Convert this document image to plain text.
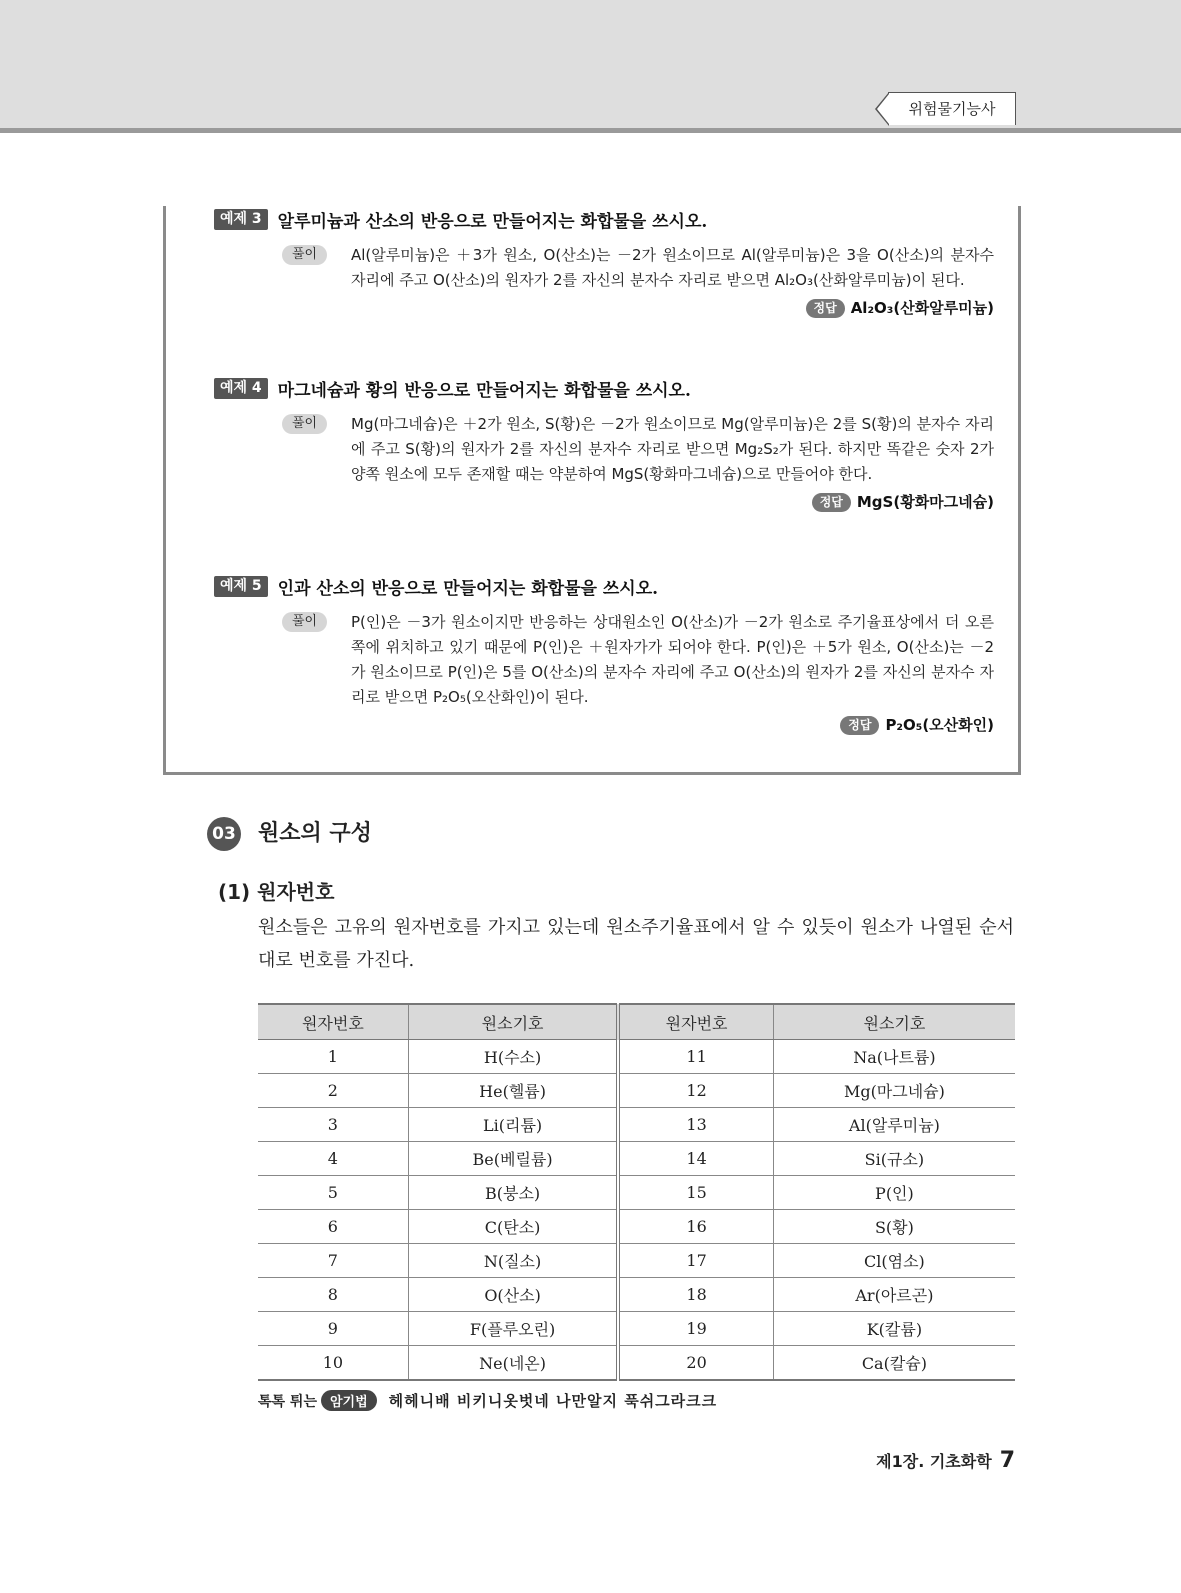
위험물기능사
예제 3 알루미늄과 산소의 반응으로 만들어지는 화합물을 쓰시오.
풀이	Al(알루미늄)은 ＋3가 원소, O(산소)는 －2가 원소이므로 Al(알루미늄)은 3을 O(산소)의 분자수 자리에 주고 O(산소)의 원자가 2를 자신의 분자수 자리로 받으면 Al₂O₃(산화알루미늄)이 된다.
정답 Al₂O₃(산화알루미늄)
예제 4 마그네슘과 황의 반응으로 만들어지는 화합물을 쓰시오.
풀이	Mg(마그네슘)은 ＋2가 원소, S(황)은 －2가 원소이므로 Mg(알루미늄)은 2를 S(황)의 분자수 자리에 주고 S(황)의 원자가 2를 자신의 분자수 자리로 받으면 Mg₂S₂가 된다. 하지만 똑같은 숫자 2가 양쪽 원소에 모두 존재할 때는 약분하여 MgS(황화마그네슘)으로 만들어야 한다.
정답 MgS(황화마그네슘)
예제 5 인과 산소의 반응으로 만들어지는 화합물을 쓰시오.
풀이	P(인)은 －3가 원소이지만 반응하는 상대원소인 O(산소)가 －2가 원소로 주기율표상에서 더 오른쪽에 위치하고 있기 때문에 P(인)은 ＋원자가가 되어야 한다. P(인)은 ＋5가 원소, O(산소)는 －2가 원소이므로 P(인)은 5를 O(산소)의 분자수 자리에 주고 O(산소)의 원자가 2를 자신의 분자수 자리로 받으면 P₂O₅(오산화인)이 된다.
정답 P₂O₅(오산화인)
03 원소의 구성
(1) 원자번호
원소들은 고유의 원자번호를 가지고 있는데 원소주기율표에서 알 수 있듯이 원소가 나열된 순서대로 번호를 가진다.
원자번호	원소기호	원자번호	원소기호
1	H(수소)	11	Na(나트륨)
2	He(헬륨)	12	Mg(마그네슘)
3	Li(리튬)	13	Al(알루미늄)
4	Be(베릴륨)	14	Si(규소)
5	B(붕소)	15	P(인)
6	C(탄소)	16	S(황)
7	N(질소)	17	Cl(염소)
8	O(산소)	18	Ar(아르곤)
9	F(플루오린)	19	K(칼륨)
10	Ne(네온)	20	Ca(칼슘)
톡톡 튀는	암기법	헤헤니배 비키니옷벗네 나만알지 푹쉬그라크크
제1장. 기초화학 7
